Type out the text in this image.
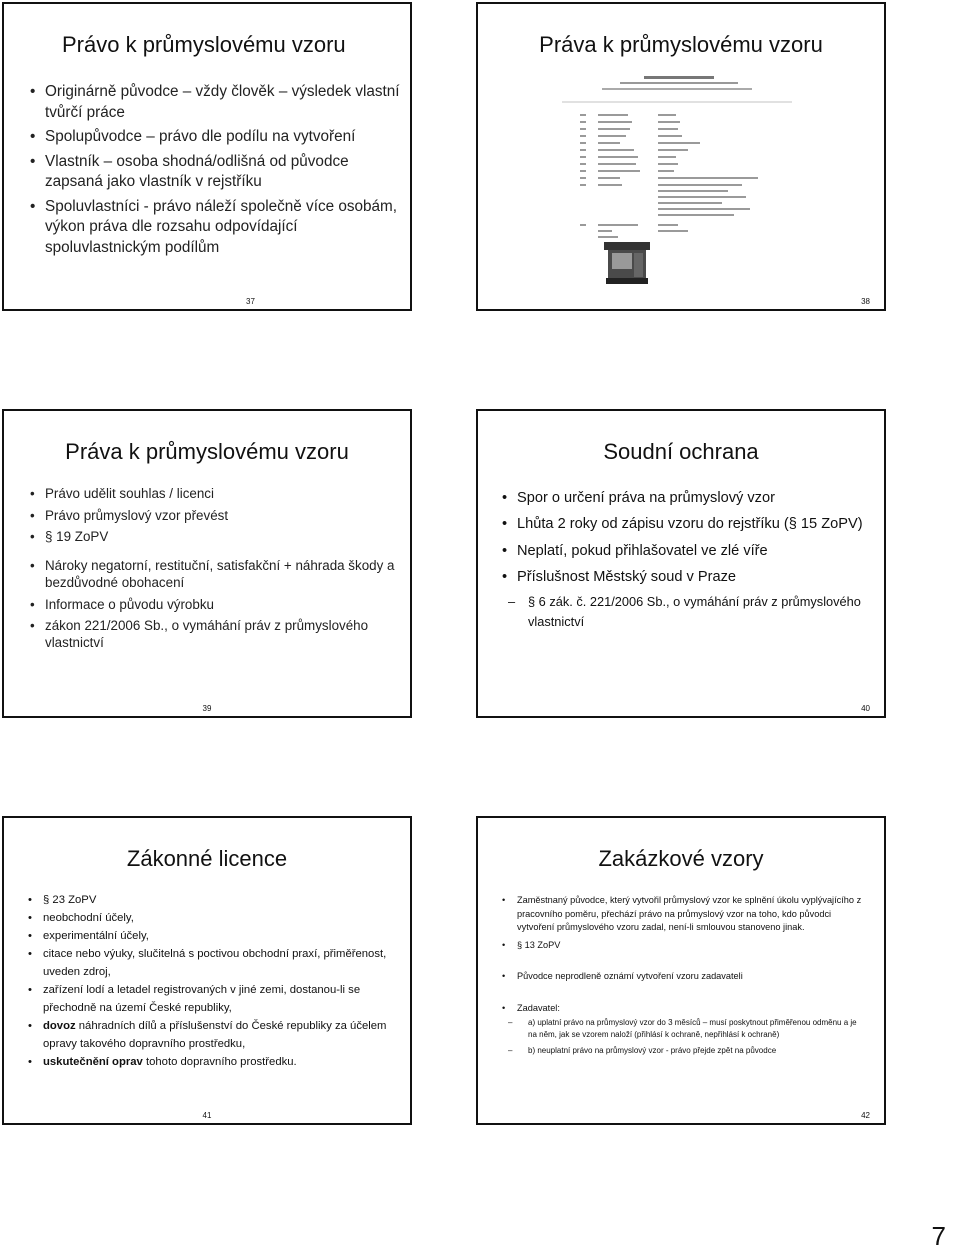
Právo k průmyslovému vzoru
• Originárně původce – vždy člověk – výsledek vlastní tvůrčí práce
• Spolupůvodce – právo dle podílu na vytvoření
• Vlastník – osoba shodná/odlišná od původce zapsaná jako vlastník v rejstříku
• Spoluvlastníci - právo náleží společně více osobám, výkon práva dle rozsahu odpovídající spoluvlastnickým podílům
37
Práva k průmyslovému vzoru
38
Práva k průmyslovému vzoru
• Právo udělit souhlas / licenci
• Právo průmyslový vzor převést
• § 19 ZoPV
• Nároky negatorní, restituční, satisfakční + náhrada škody a bezdůvodné obohacení
• Informace o původu výrobku
• zákon 221/2006 Sb., o vymáhání práv z průmyslového vlastnictví
39
Soudní ochrana
• Spor o určení práva na průmyslový vzor
• Lhůta 2 roky od zápisu vzoru do rejstříku (§ 15 ZoPV)
• Neplatí, pokud přihlašovatel ve zlé víře
• Příslušnost Městský soud v Praze
– § 6 zák. č. 221/2006 Sb., o vymáhání práv z průmyslového vlastnictví
40
Zákonné licence
• § 23 ZoPV
• neobchodní účely,
• experimentální účely,
• citace nebo výuky, slučitelná s poctivou obchodní praxí, přiměřenost, uveden zdroj,
• zařízení lodí a letadel registrovaných v jiné zemi, dostanou-li se přechodně na území České republiky,
• dovoz náhradních dílů a příslušenství do České republiky za účelem opravy takového dopravního prostředku,
• uskutečnění oprav tohoto dopravního prostředku.
41
Zakázkové vzory
• Zaměstnaný původce, který vytvořil průmyslový vzor ke splnění úkolu vyplývajícího z pracovního poměru, přechází právo na průmyslový vzor na toho, kdo původci vytvoření průmyslového vzoru zadal, není-li smlouvou stanoveno jinak.
• § 13 ZoPV
• Původce neprodleně oznámí vytvoření vzoru zadavateli
• Zadavatel:
– a) uplatní právo na průmyslový vzor do 3 měsíců – musí poskytnout přiměřenou odměnu a je na něm, jak se vzorem naloží (přihlásí k ochraně, nepřihlásí k ochraně)
– b) neuplatní právo na průmyslový vzor - právo přejde zpět na původce
42
7
